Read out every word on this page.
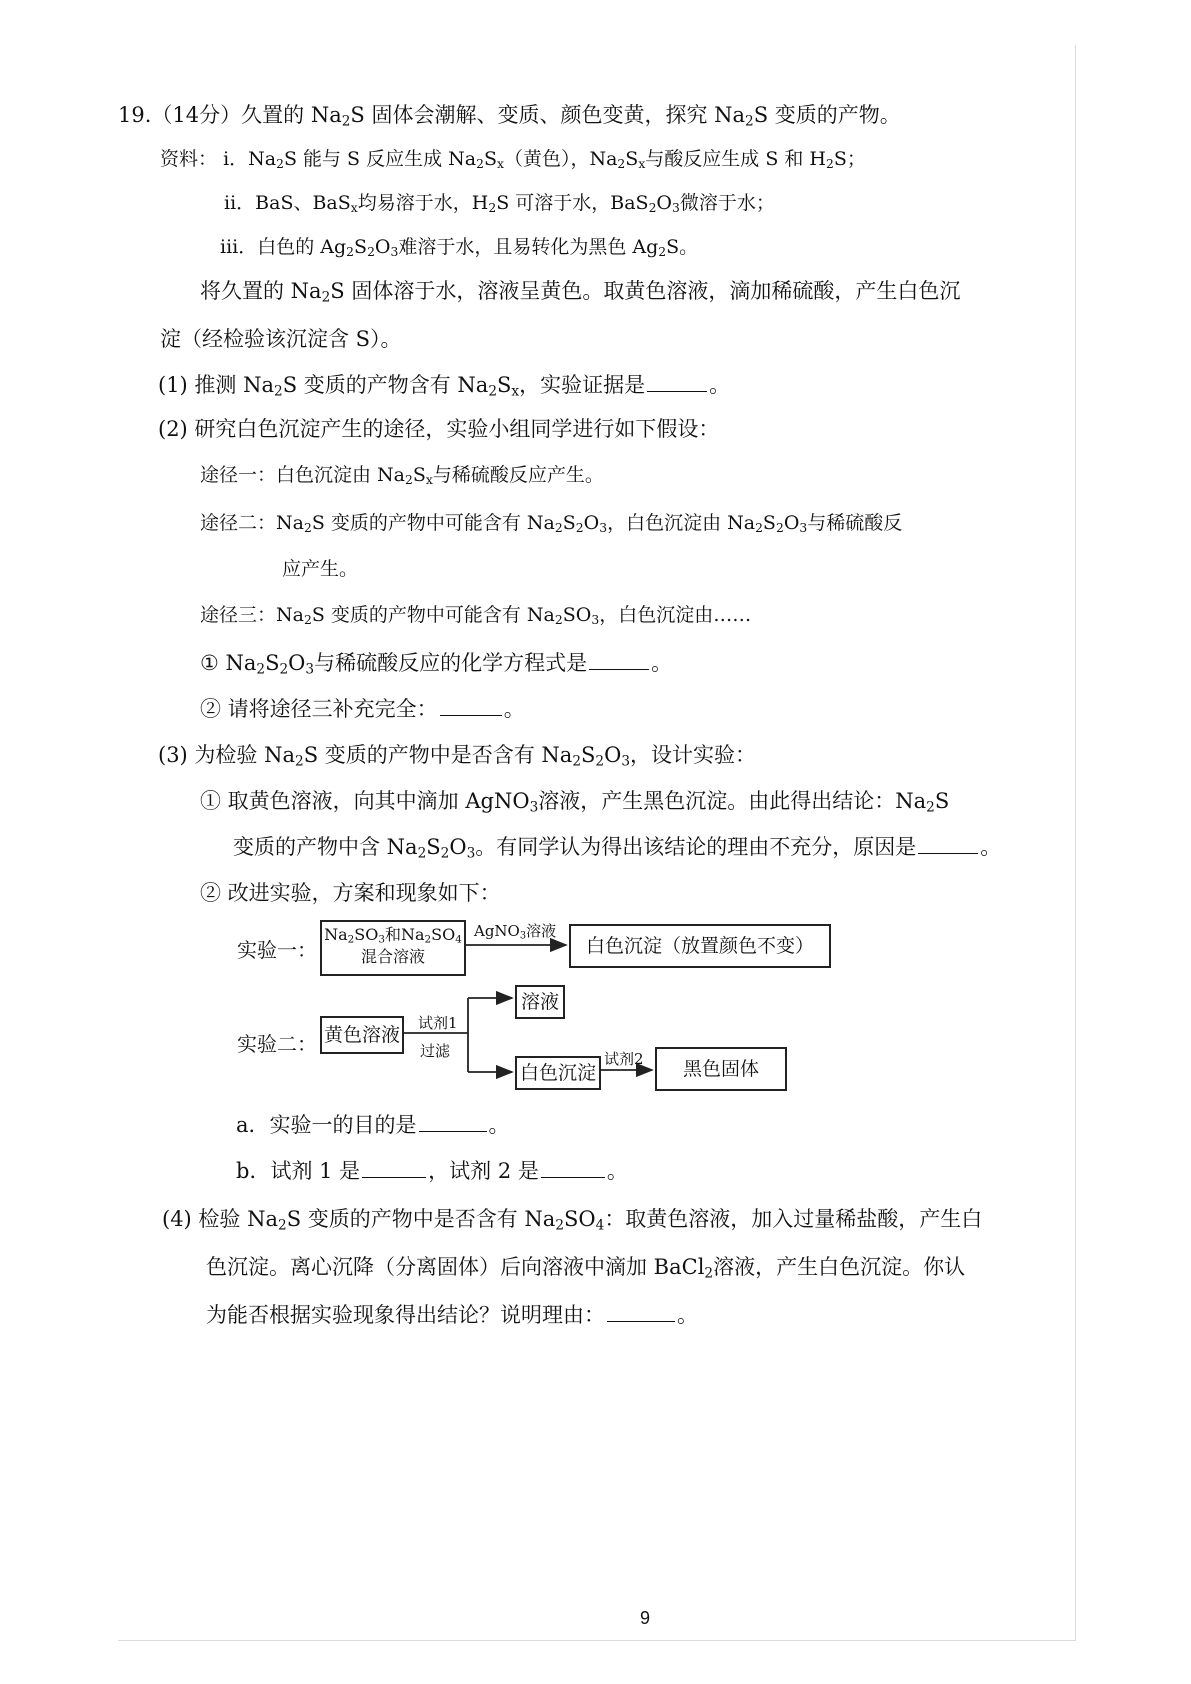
19.（14分）久置的 $Na_2S$ 固体会潮解、变质、颜色变黄，探究 $Na_2S$ 变质的产物。
资料： ⅰ．$Na_2S$ 能与 S 反应生成 $Na_2S_x$（黄色），$Na_2S_x$与酸反应生成 S 和 $H_2S$；
ⅱ．BaS、BaS$_x$均易溶于水，$H_2S$ 可溶于水，$BaS_2O_3$微溶于水；
ⅲ．白色的 $Ag_2S_2O_3$难溶于水，且易转化为黑色 $Ag_2S$。
将久置的 $Na_2S$ 固体溶于水，溶液呈黄色。取黄色溶液，滴加稀硫酸，产生白色沉
淀（经检验该沉淀含 S）。
(1) 推测 $Na_2S$ 变质的产物含有 $Na_2S_x$，实验证据是	。
(2) 研究白色沉淀产生的途径，实验小组同学进行如下假设：
途径一：白色沉淀由 $Na_2S_x$与稀硫酸反应产生。
途径二：$Na_2S$ 变质的产物中可能含有 $Na_2S_2O_3$，白色沉淀由 $Na_2S_2O_3$与稀硫酸反
应产生。
途径三：$Na_2S$ 变质的产物中可能含有 $Na_2SO_3$，白色沉淀由……
① $Na_2S_2O_3$与稀硫酸反应的化学方程式是	。
② 请将途径三补充完全：	。
(3) 为检验 $Na_2S$ 变质的产物中是否含有 $Na_2S_2O_3$，设计实验：
① 取黄色溶液，向其中滴加 AgNO$_3$溶液，产生黑色沉淀。由此得出结论：$Na_2S$
变质的产物中含 $Na_2S_2O_3$。有同学认为得出该结论的理由不充分，原因是	。
② 改进实验，方案和现象如下：
实验一：
$Na_2SO_3$和$Na_2SO_4$
混合溶液
AgNO$_3$溶液
白色沉淀（放置颜色不变）
实验二： 黄色溶液
试剂1
过滤
溶液
白色沉淀
试剂2	黑色固体
a．实验一的目的是	。
b．试剂 1 是	，试剂 2 是	。
(4) 检验 $Na_2S$ 变质的产物中是否含有 $Na_2SO_4$：取黄色溶液，加入过量稀盐酸，产生白
色沉淀。离心沉降（分离固体）后向溶液中滴加 BaCl$_2$溶液，产生白色沉淀。你认
为能否根据实验现象得出结论？说明理由：	。
9
